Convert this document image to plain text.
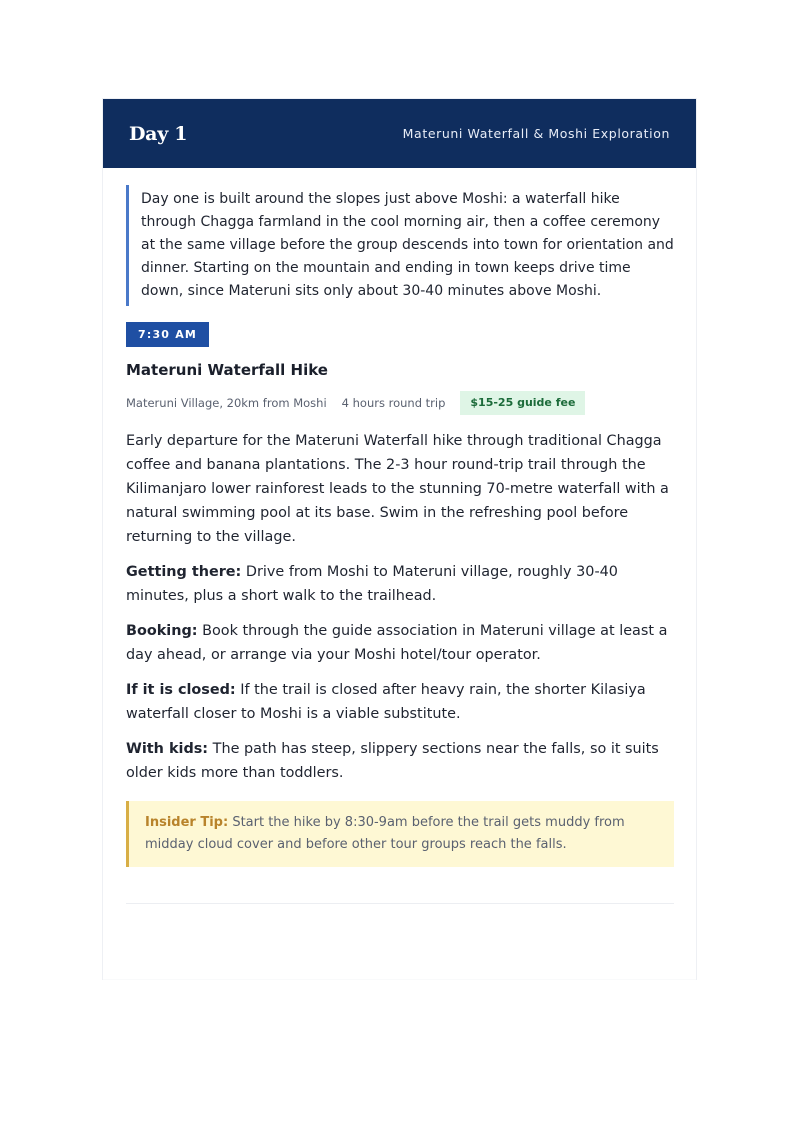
Day 1	Materuni Waterfall & Moshi Exploration
Day one is built around the slopes just above Moshi: a waterfall hike through Chagga farmland in the cool morning air, then a coffee ceremony at the same village before the group descends into town for orientation and dinner. Starting on the mountain and ending in town keeps drive time down, since Materuni sits only about 30-40 minutes above Moshi.
7:30 AM
Materuni Waterfall Hike
Materuni Village, 20km from Moshi 4 hours round trip	$15-25 guide fee

Early departure for the Materuni Waterfall hike through traditional Chagga coffee and banana plantations. The 2-3 hour round-trip trail through the Kilimanjaro lower rainforest leads to the stunning 70-metre waterfall with a natural swimming pool at its base. Swim in the refreshing pool before returning to the village.

Getting there: Drive from Moshi to Materuni village, roughly 30-40 minutes, plus a short walk to the trailhead.

Booking: Book through the guide association in Materuni village at least a day ahead, or arrange via your Moshi hotel/tour operator.

If it is closed: If the trail is closed after heavy rain, the shorter Kilasiya waterfall closer to Moshi is a viable substitute.

With kids: The path has steep, slippery sections near the falls, so it suits older kids more than toddlers.

Insider Tip: Start the hike by 8:30-9am before the trail gets muddy from midday cloud cover and before other tour groups reach the falls.
